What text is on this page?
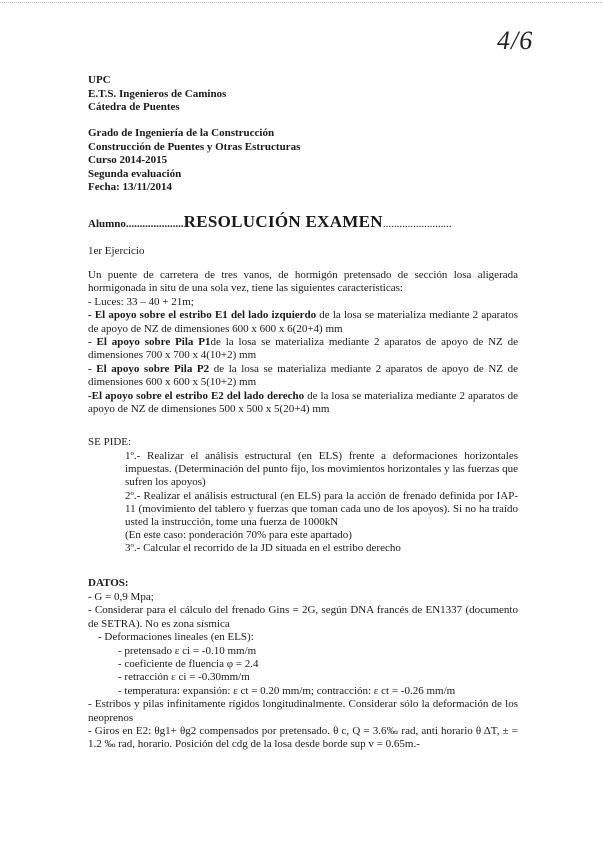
4/6
UPC
E.T.S. Ingenieros de Caminos
Cátedra de Puentes
Grado de Ingeniería de la Construcción
Construcción de Puentes y Otras Estructuras
Curso 2014-2015
Segunda evaluación
Fecha: 13/11/2014
Alumno.....................RESOLUCIÓN EXAMEN.........................
1er Ejercicio

Un puente de carretera de tres vanos, de hormigón pretensado de sección losa aligerada hormigonada in situ de una sola vez, tiene las siguientes características:

- Luces: 33 – 40 + 21m;

- El apoyo sobre el estribo E1 del lado izquierdo de la losa se materializa mediante 2 aparatos de apoyo de NZ de dimensiones 600 x 600 x 6(20+4) mm

- El apoyo sobre Pila P1de la losa se materializa mediante 2 aparatos de apoyo de NZ de dimensiones 700 x 700 x 4(10+2) mm

- El apoyo sobre Pila P2 de la losa se materializa mediante 2 aparatos de apoyo de NZ de dimensiones 600 x 600 x 5(10+2) mm

-El apoyo sobre el estribo E2 del lado derecho de la losa se materializa mediante 2 aparatos de apoyo de NZ de dimensiones 500 x 500 x 5(20+4) mm

SE PIDE:

1º.- Realizar el análisis estructural (en ELS) frente a deformaciones horizontales impuestas. (Determinación del punto fijo, los movimientos horizontales y las fuerzas que sufren los apoyos)

2º.- Realizar el análisis estructural (en ELS) para la acción de frenado definida por IAP-11 (movimiento del tablero y fuerzas que toman cada uno de los apoyos). Si no ha traído usted la instrucción, tome una fuerza de 1000kN

(En este caso: ponderación 70% para este apartado)

3º.- Calcular el recorrido de la JD situada en el estribo derecho

DATOS:

- G = 0,9 Mpa;

- Considerar para el cálculo del frenado Gins = 2G, según DNA francés de EN1337 (documento de SETRA). No es zona sísmica

- Deformaciones lineales (en ELS):

- pretensado ε ci = -0.10 mm/m

- coeficiente de fluencia φ = 2.4

- retracción ε ci = -0.30mm/m

- temperatura: expansión: ε ct = 0.20 mm/m; contracción: ε ct = -0.26 mm/m

- Estribos y pilas infinitamente rígidos longitudinalmente. Considerar sólo la deformación de los neoprenos

- Giros en E2: θg1+ θg2 compensados por pretensado. θ c, Q = 3.6‰ rad, anti horario θ ΔT, ± = 1.2 ‰ rad, horario. Posición del cdg de la losa desde borde sup v = 0.65m.-
